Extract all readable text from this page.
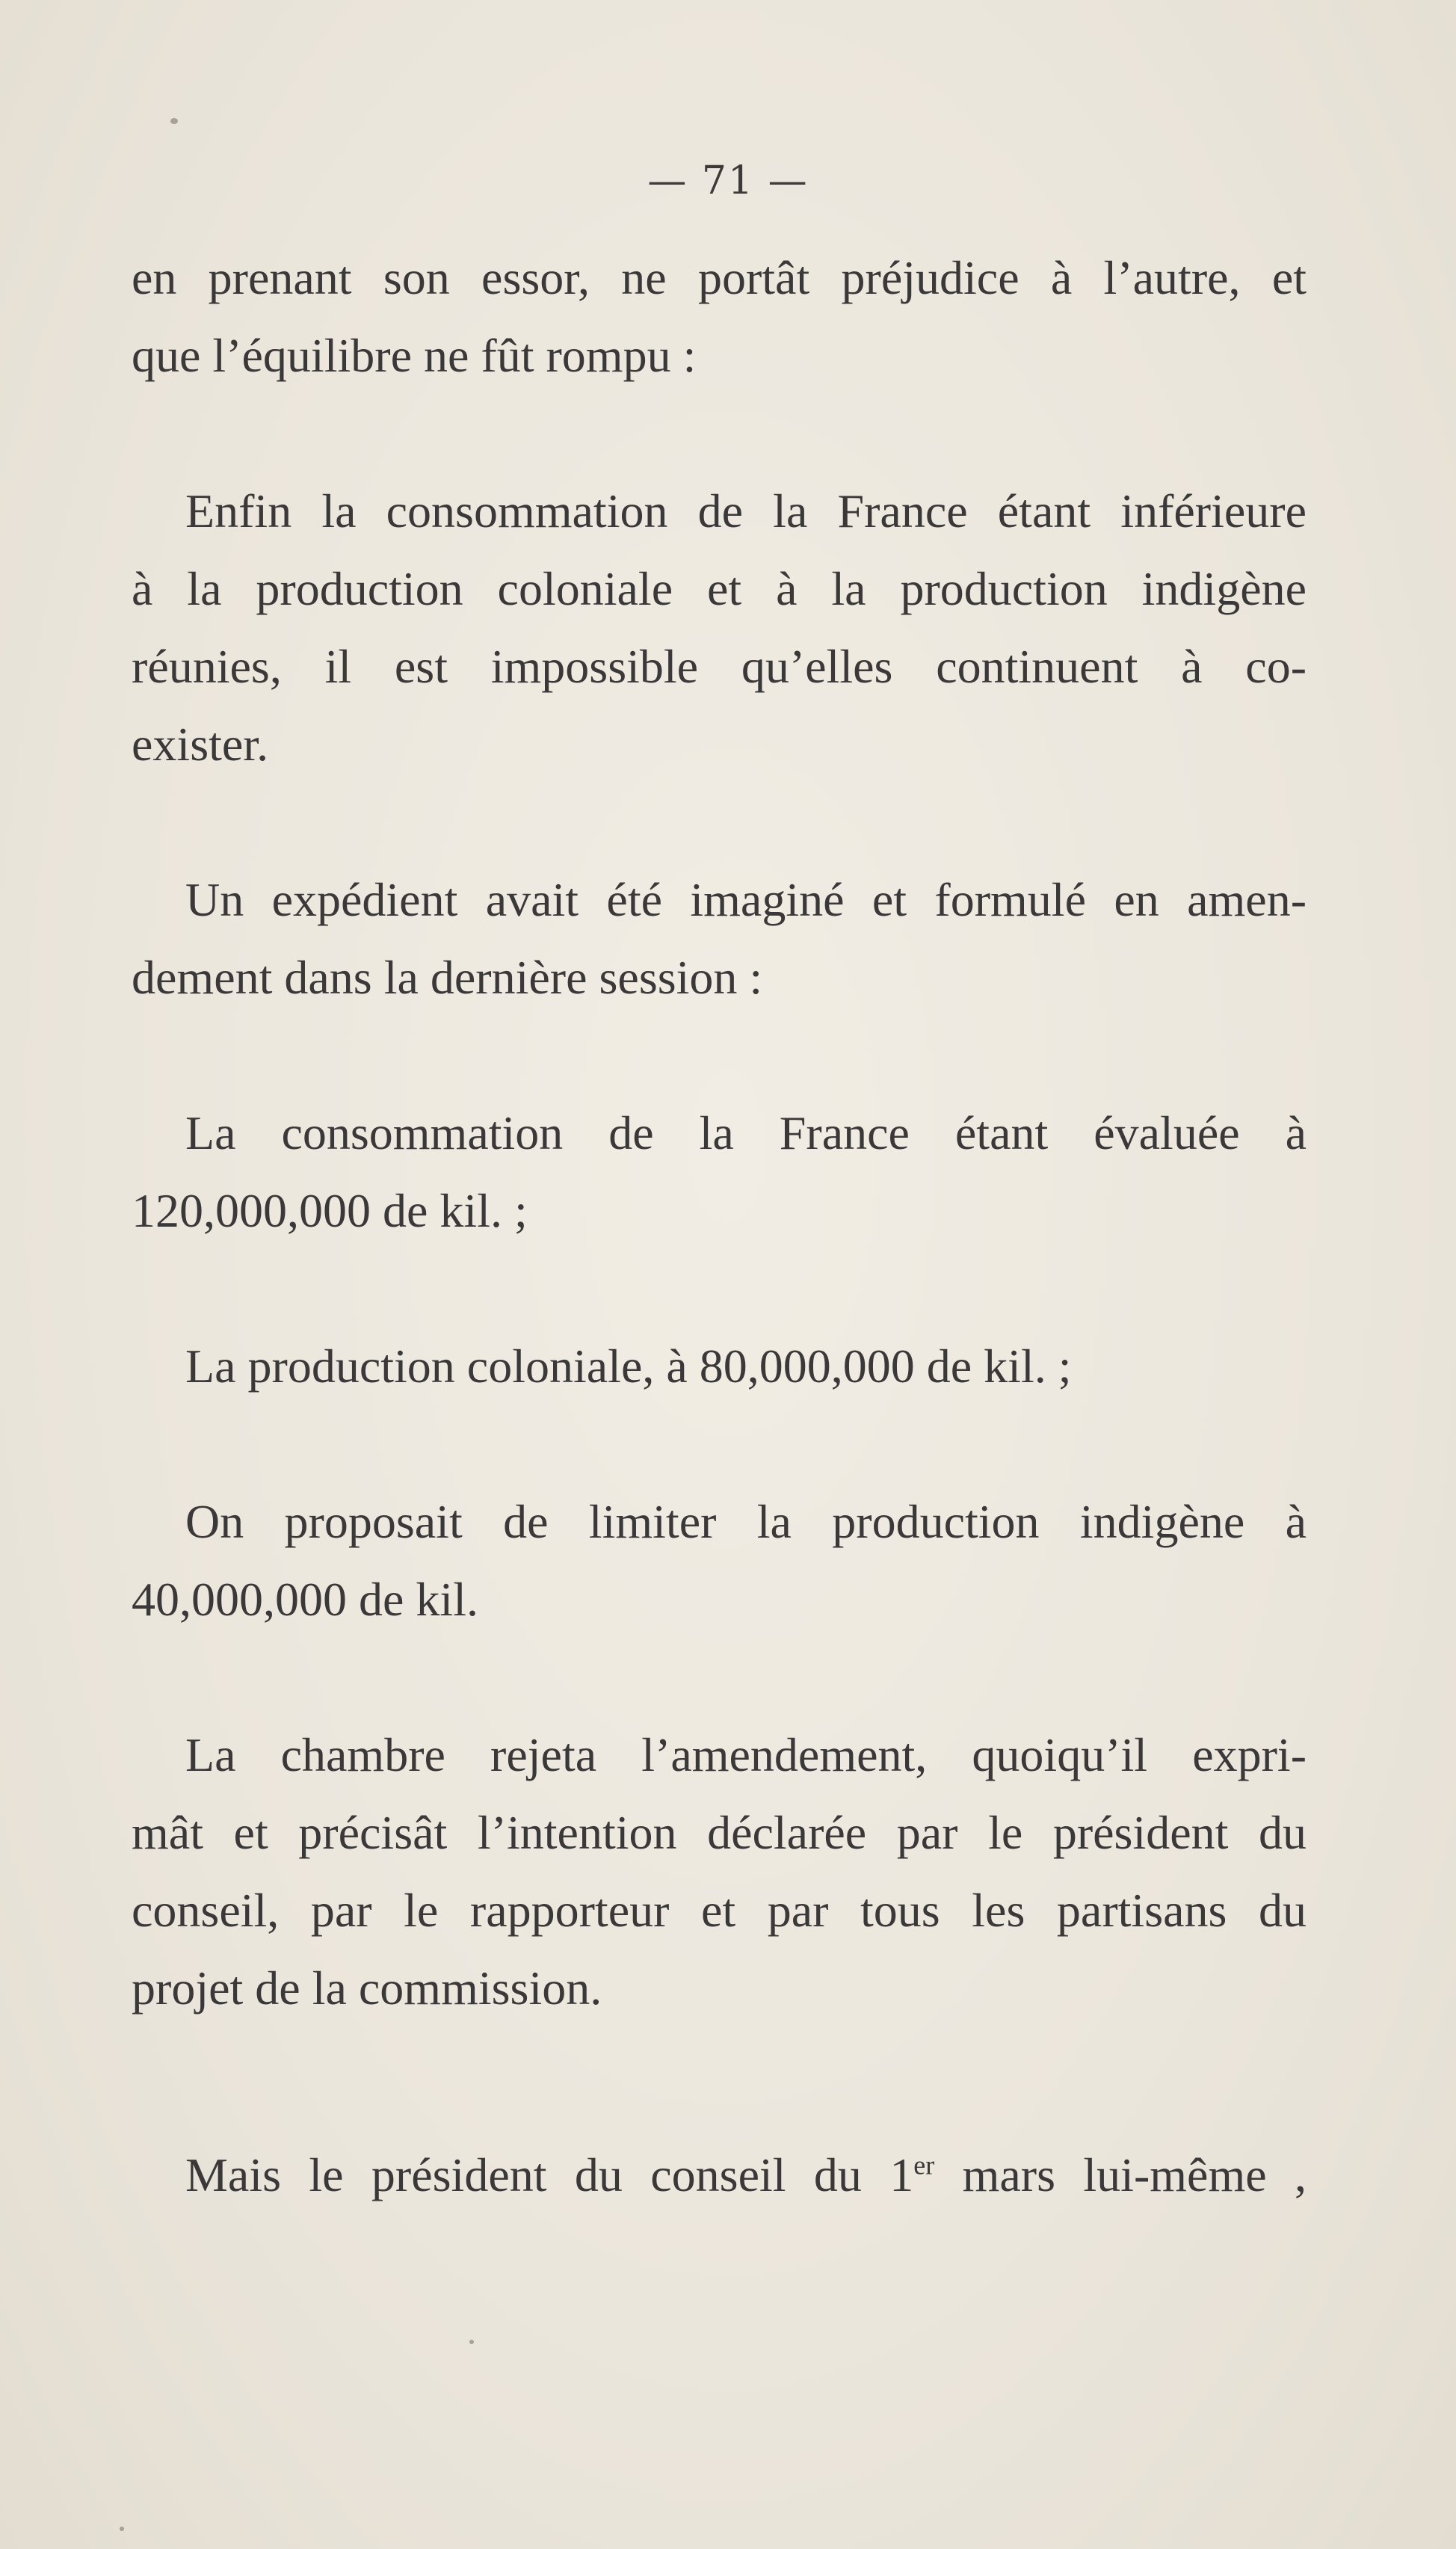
— 71 —

en prenant son essor, ne portât préjudice à l’autre, et
que l’équilibre ne fût rompu :

Enfin la consommation de la France étant inférieure
à la production coloniale et à la production indigène
réunies, il est impossible qu’elles continuent à co-
exister.

Un expédient avait été imaginé et formulé en amen-
dement dans la dernière session :

La consommation de la France étant évaluée à
120,000,000 de kil. ;

La production coloniale, à 80,000,000 de kil. ;

On proposait de limiter la production indigène à
40,000,000 de kil.

La chambre rejeta l’amendement, quoiqu’il expri-
mât et précisât l’intention déclarée par le président du
conseil, par le rapporteur et par tous les partisans du
projet de la commission.

Mais le président du conseil du 1er mars lui-même ,
